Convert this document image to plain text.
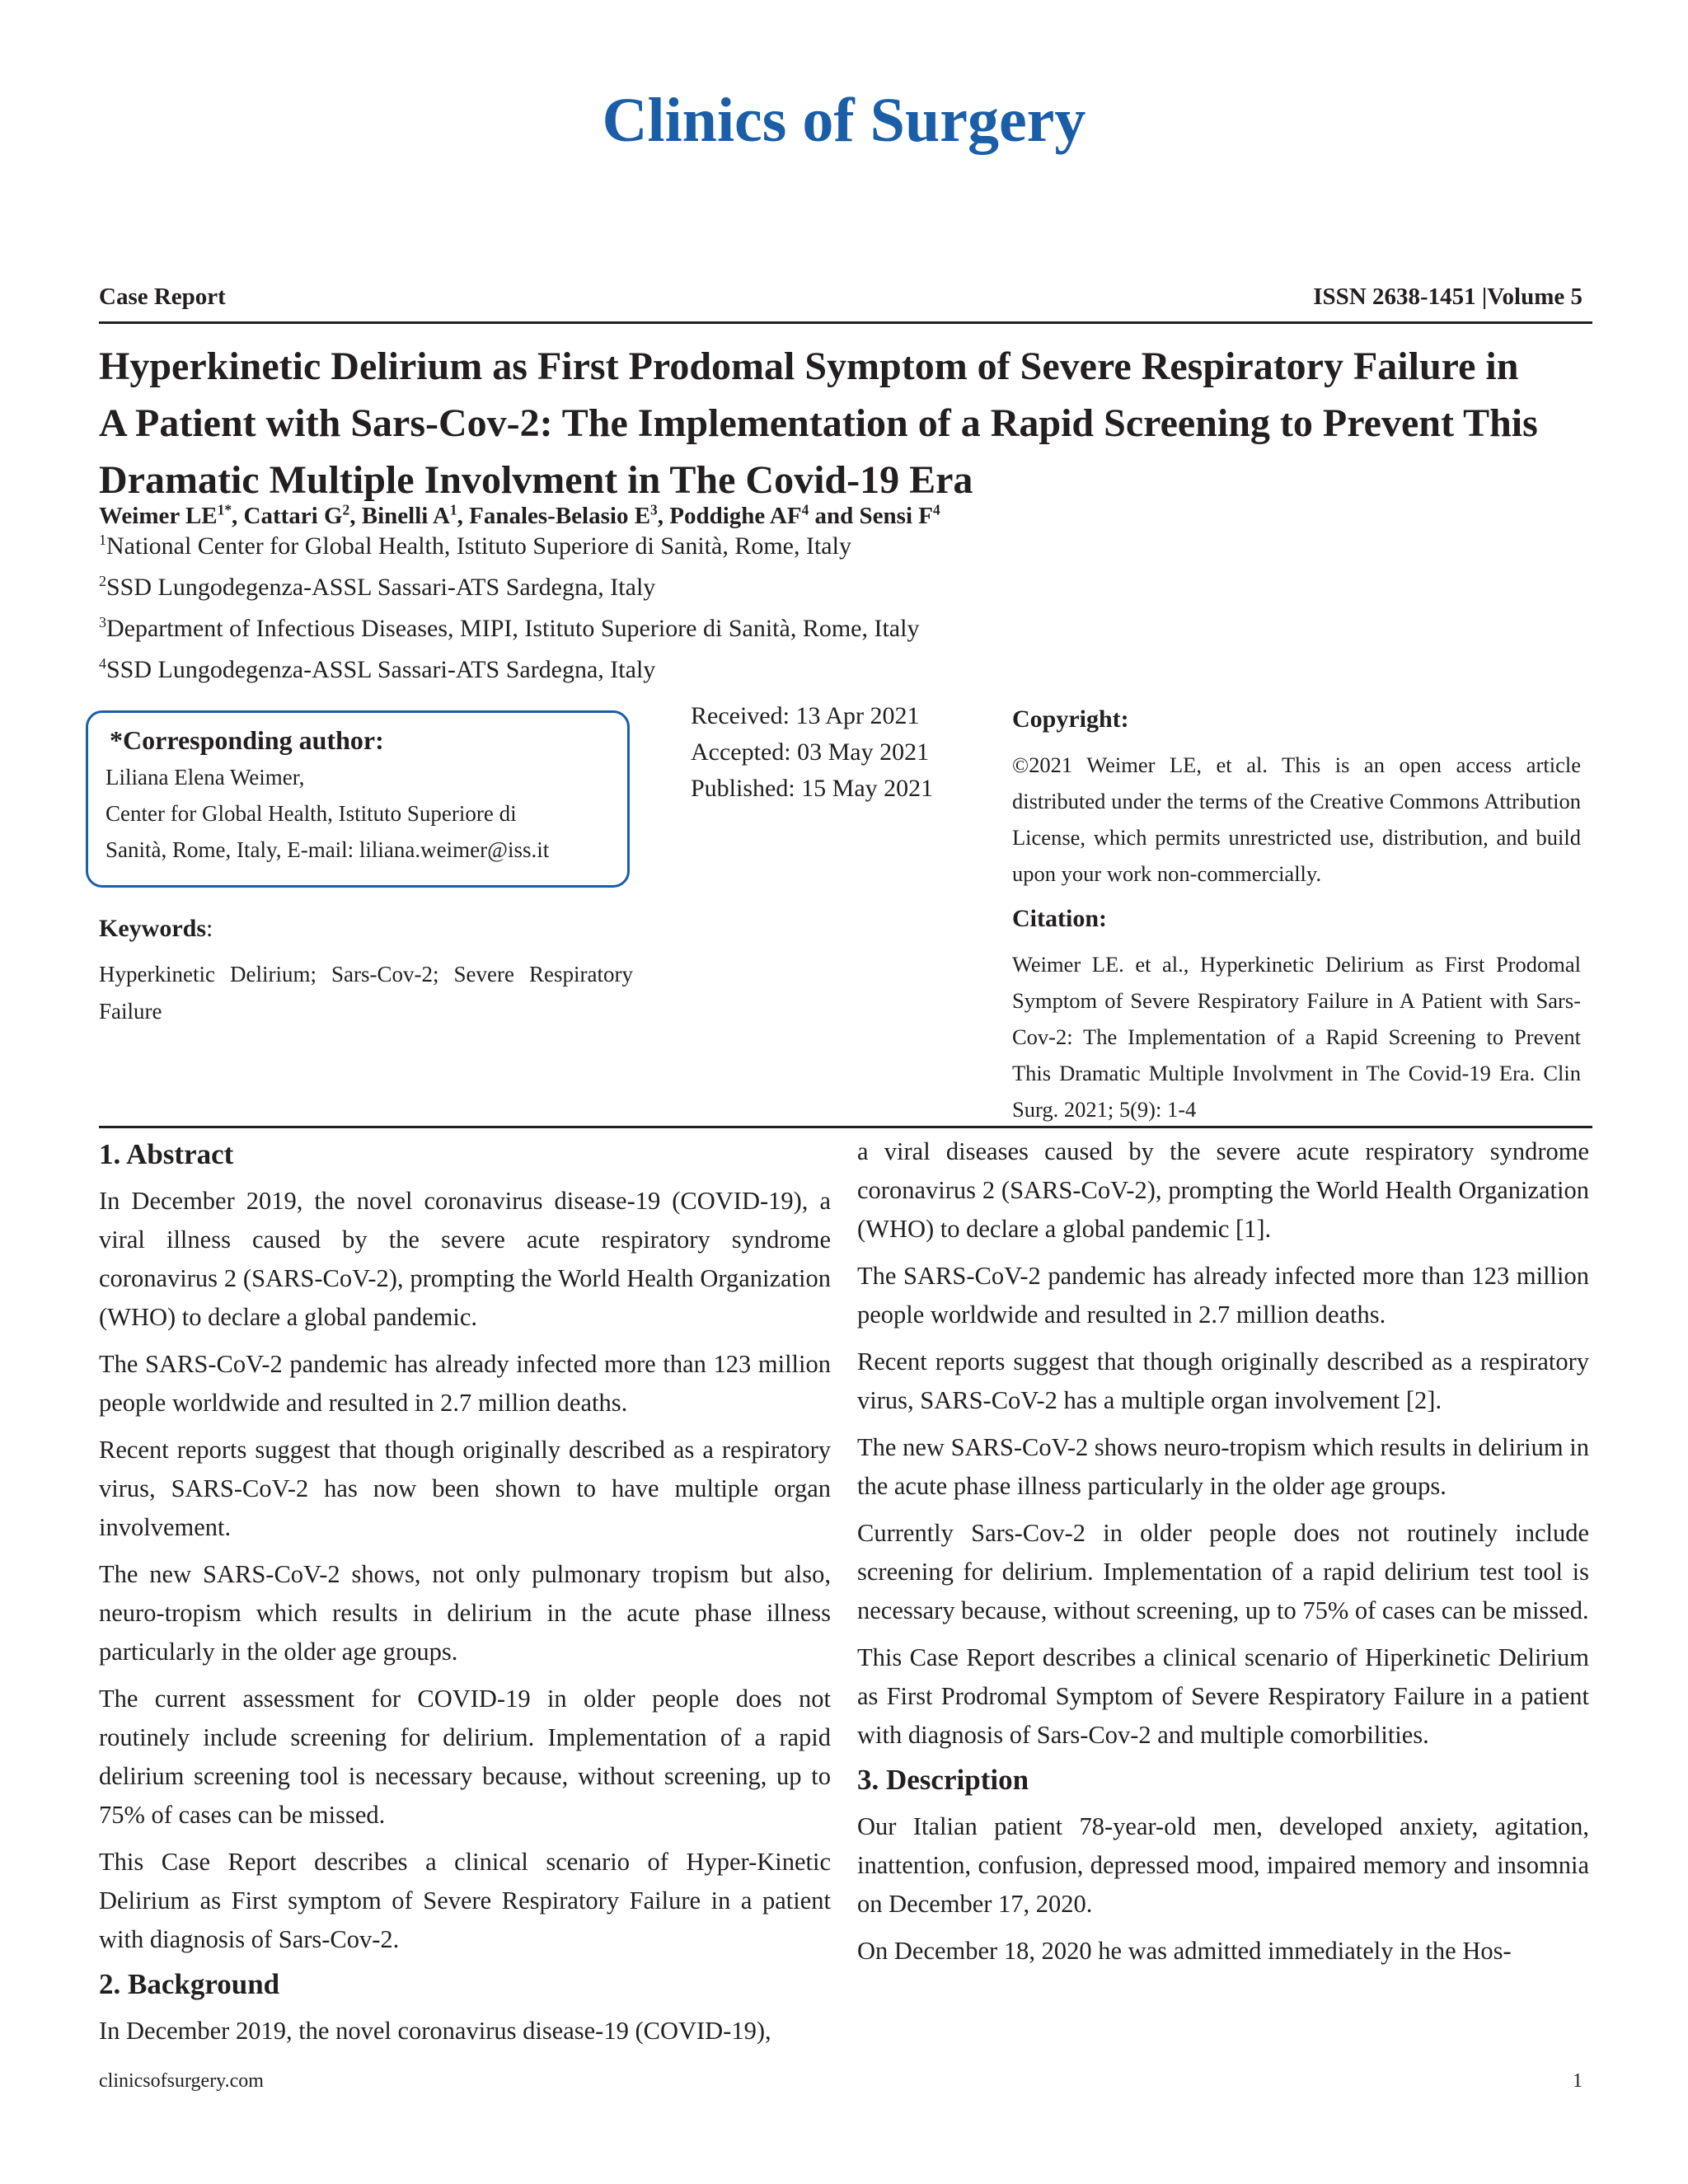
Clinics of Surgery
Case Report	ISSN 2638-1451 |Volume 5
Hyperkinetic Delirium as First Prodomal Symptom of Severe Respiratory Failure in
A Patient with Sars-Cov-2: The Implementation of a Rapid Screening to Prevent This
Dramatic Multiple Involvment in The Covid-19 Era
Weimer $LE^{1*}$, Cattari $G^2$, Binelli $A^1$, Fanales-Belasio $E^3$, Poddighe $AF^4$ and Sensi $F^4$
$^1$National Center for Global Health, Istituto Superiore di Sanità, Rome, Italy
$^2$SSD Lungodegenza-ASSL Sassari-ATS Sardegna, Italy
$^3$Department of Infectious Diseases, MIPI, Istituto Superiore di Sanità, Rome, Italy
$^4$SSD Lungodegenza-ASSL Sassari-ATS Sardegna, Italy
*Corresponding author:
Liliana Elena Weimer,
Center for Global Health, Istituto Superiore di
Sanità, Rome, Italy, E-mail: liliana.weimer@iss.it
Received: 13 Apr 2021
Accepted: 03 May 2021
Published: 15 May 2021
Copyright:
©2021 Weimer LE, et al. This is an open access article distributed under the terms of the Creative Commons Attribution License, which permits unrestricted use, distribution, and build upon your work non-commercially.
Citation:
Weimer LE. et al., Hyperkinetic Delirium as First Prodomal Symptom of Severe Respiratory Failure in A Patient with Sars-Cov-2: The Implementation of a Rapid Screening to Prevent This Dramatic Multiple Involvment in The Covid-19 Era. Clin Surg. 2021; 5(9): 1-4
Keywords:
Hyperkinetic Delirium; Sars-Cov-2; Severe Respiratory Failure
1. Abstract

In December 2019, the novel coronavirus disease-19 (COVID-19), a viral illness caused by the severe acute respiratory syndrome coronavirus 2 (SARS-CoV-2), prompting the World Health Organization (WHO) to declare a global pandemic.

The SARS-CoV-2 pandemic has already infected more than 123 million people worldwide and resulted in 2.7 million deaths.

Recent reports suggest that though originally described as a respiratory virus, SARS-CoV-2 has now been shown to have multiple organ involvement.

The new SARS-CoV-2 shows, not only pulmonary tropism but also, neuro-tropism which results in delirium in the acute phase illness particularly in the older age groups.

The current assessment for COVID-19 in older people does not routinely include screening for delirium. Implementation of a rapid delirium screening tool is necessary because, without screening, up to 75% of cases can be missed.

This Case Report describes a clinical scenario of Hyper-Kinetic Delirium as First symptom of Severe Respiratory Failure in a patient with diagnosis of Sars-Cov-2.

2. Background

In December 2019, the novel coronavirus disease-19 (COVID-19),

a viral diseases caused by the severe acute respiratory syndrome coronavirus 2 (SARS-CoV-2), prompting the World Health Organization (WHO) to declare a global pandemic [1].

The SARS-CoV-2 pandemic has already infected more than 123 million people worldwide and resulted in 2.7 million deaths.

Recent reports suggest that though originally described as a respiratory virus, SARS-CoV-2 has a multiple organ involvement [2].

The new SARS-CoV-2 shows neuro-tropism which results in delirium in the acute phase illness particularly in the older age groups.

Currently Sars-Cov-2 in older people does not routinely include screening for delirium. Implementation of a rapid delirium test tool is necessary because, without screening, up to 75% of cases can be missed.

This Case Report describes a clinical scenario of Hiperkinetic Delirium as First Prodromal Symptom of Severe Respiratory Failure in a patient with diagnosis of Sars-Cov-2 and multiple comorbilities.

3. Description

Our Italian patient 78-year-old men, developed anxiety, agitation, inattention, confusion, depressed mood, impaired memory and insomnia on December 17, 2020.

On December 18, 2020 he was admitted immediately in the Hos-

clinicsofsurgery.com	1
